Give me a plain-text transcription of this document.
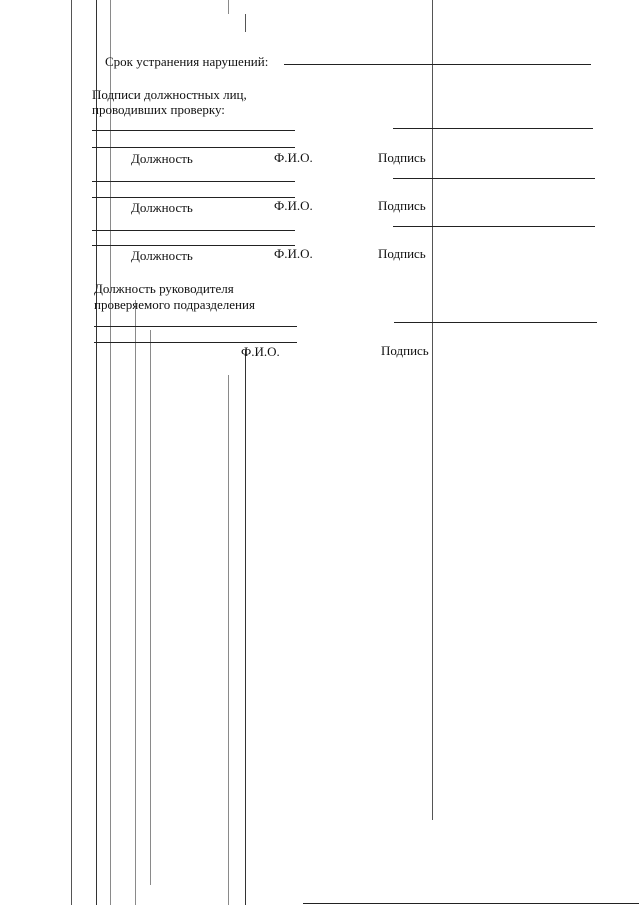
Срок устранения нарушений:
Подписи должностных лиц,
проводивших проверку:
Должность	Ф.И.О.	Подпись
Должность	Ф.И.О.	Подпись
Должность	Ф.И.О.	Подпись
Должность руководителя
проверяемого подразделения
Ф.И.О.	Подпись
